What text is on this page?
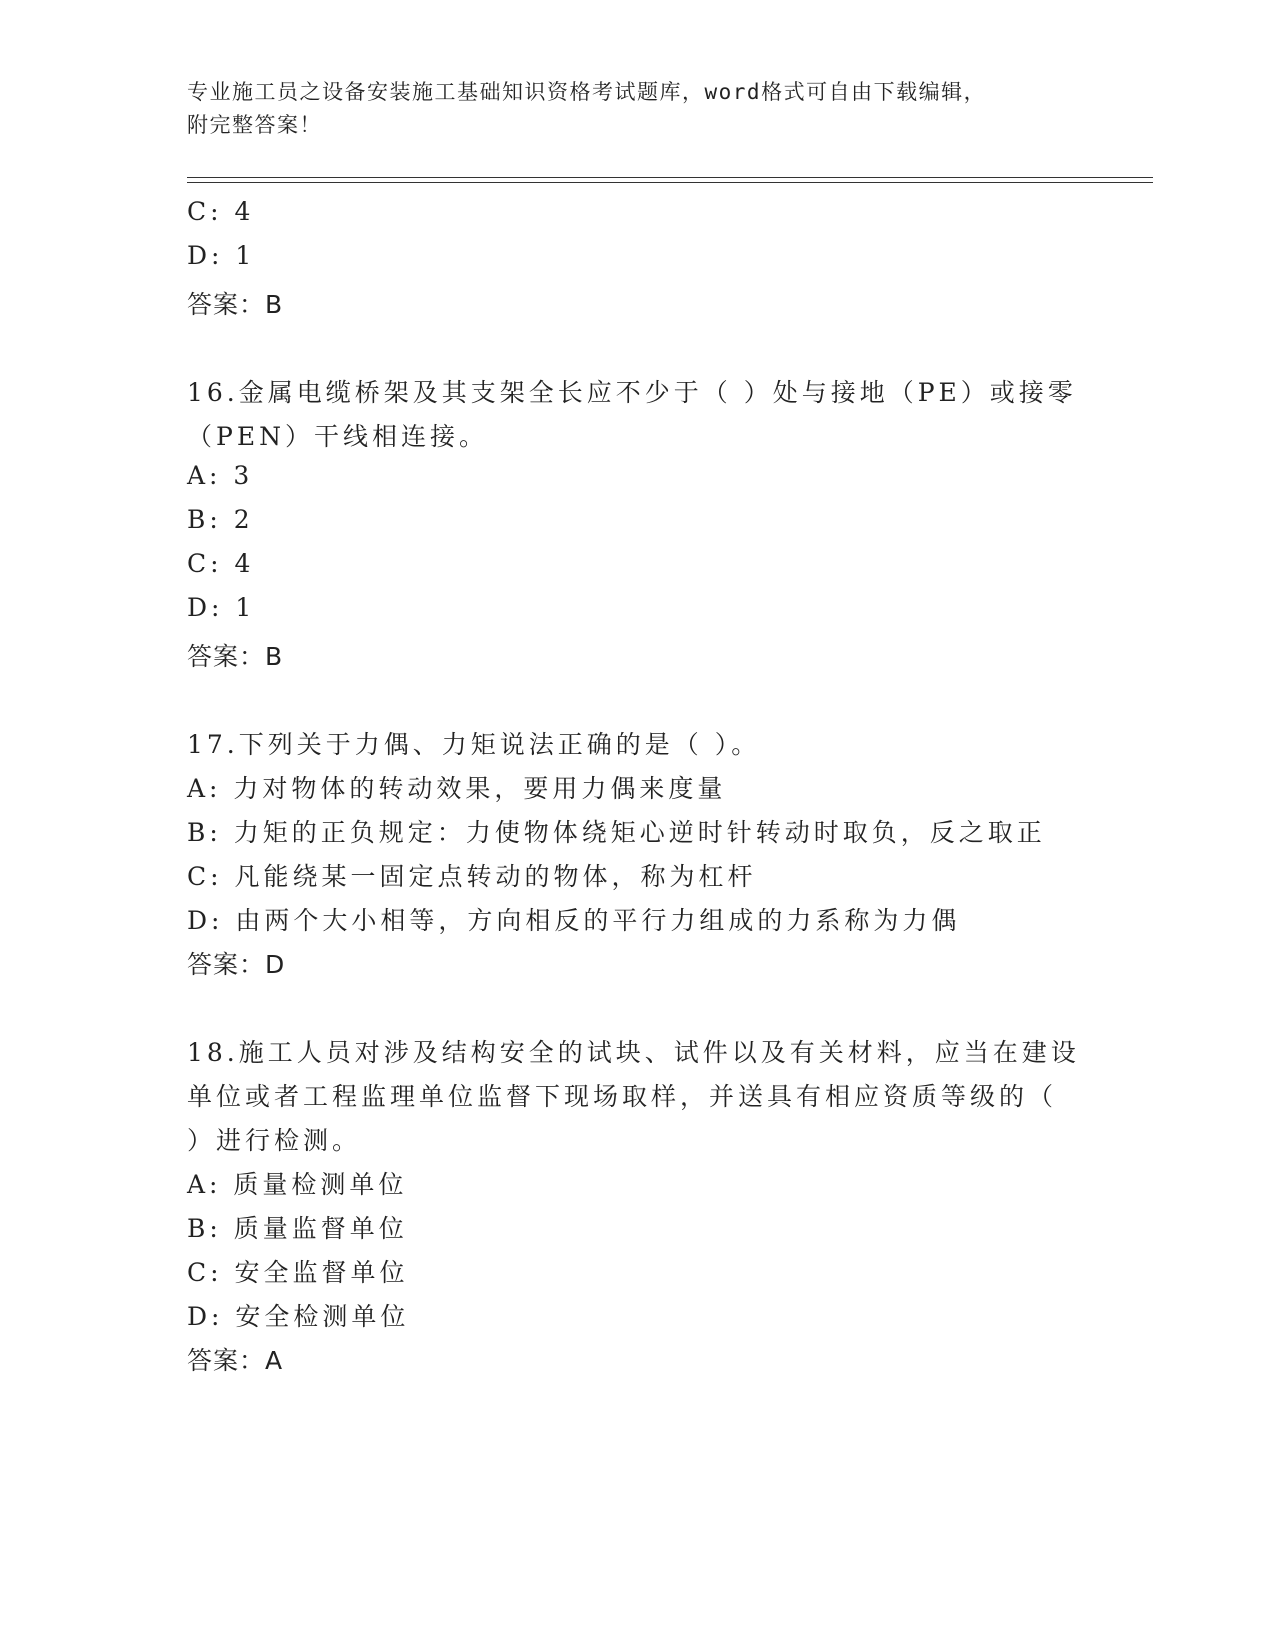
专业施工员之设备安装施工基础知识资格考试题库，word格式可自由下载编辑，
附完整答案！
C: 4
D: 1
答案：B
16.金属电缆桥架及其支架全长应不少于（ ）处与接地（PE）或接零
（PEN）干线相连接。
A: 3
B: 2
C: 4
D: 1
答案：B
17.下列关于力偶、力矩说法正确的是（ ）。
A: 力对物体的转动效果，要用力偶来度量
B: 力矩的正负规定：力使物体绕矩心逆时针转动时取负，反之取正
C: 凡能绕某一固定点转动的物体，称为杠杆
D: 由两个大小相等，方向相反的平行力组成的力系称为力偶
答案：D
18.施工人员对涉及结构安全的试块、试件以及有关材料，应当在建设
单位或者工程监理单位监督下现场取样，并送具有相应资质等级的（
）进行检测。
A: 质量检测单位
B: 质量监督单位
C: 安全监督单位
D: 安全检测单位
答案：A
